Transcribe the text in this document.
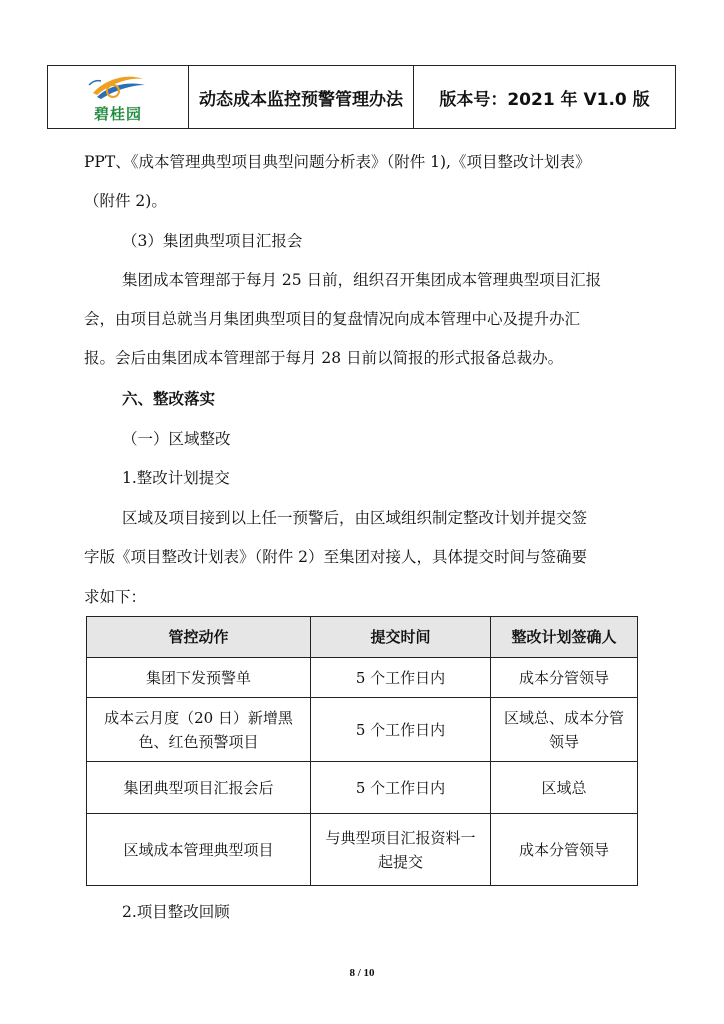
碧桂园
动态成本监控预警管理办法	版本号：2021 年 V1.0 版
PPT、《成本管理典型项目典型问题分析表》（附件 1),《项目整改计划表》
（附件 2)。
（3）集团典型项目汇报会
集团成本管理部于每月 25 日前，组织召开集团成本管理典型项目汇报
会，由项目总就当月集团典型项目的复盘情况向成本管理中心及提升办汇
报。会后由集团成本管理部于每月 28 日前以简报的形式报备总裁办。
六、整改落实
（一）区域整改
1.整改计划提交
区域及项目接到以上任一预警后，由区域组织制定整改计划并提交签
字版《项目整改计划表》（附件 2）至集团对接人，具体提交时间与签确要
求如下：
管控动作	提交时间	整改计划签确人
集团下发预警单	5 个工作日内	成本分管领导
成本云月度（20 日）新增黑色、红色预警项目	5 个工作日内	区域总、成本分管领导
集团典型项目汇报会后	5 个工作日内	区域总
区域成本管理典型项目	与典型项目汇报资料一起提交	成本分管领导
2.项目整改回顾
8 / 10
